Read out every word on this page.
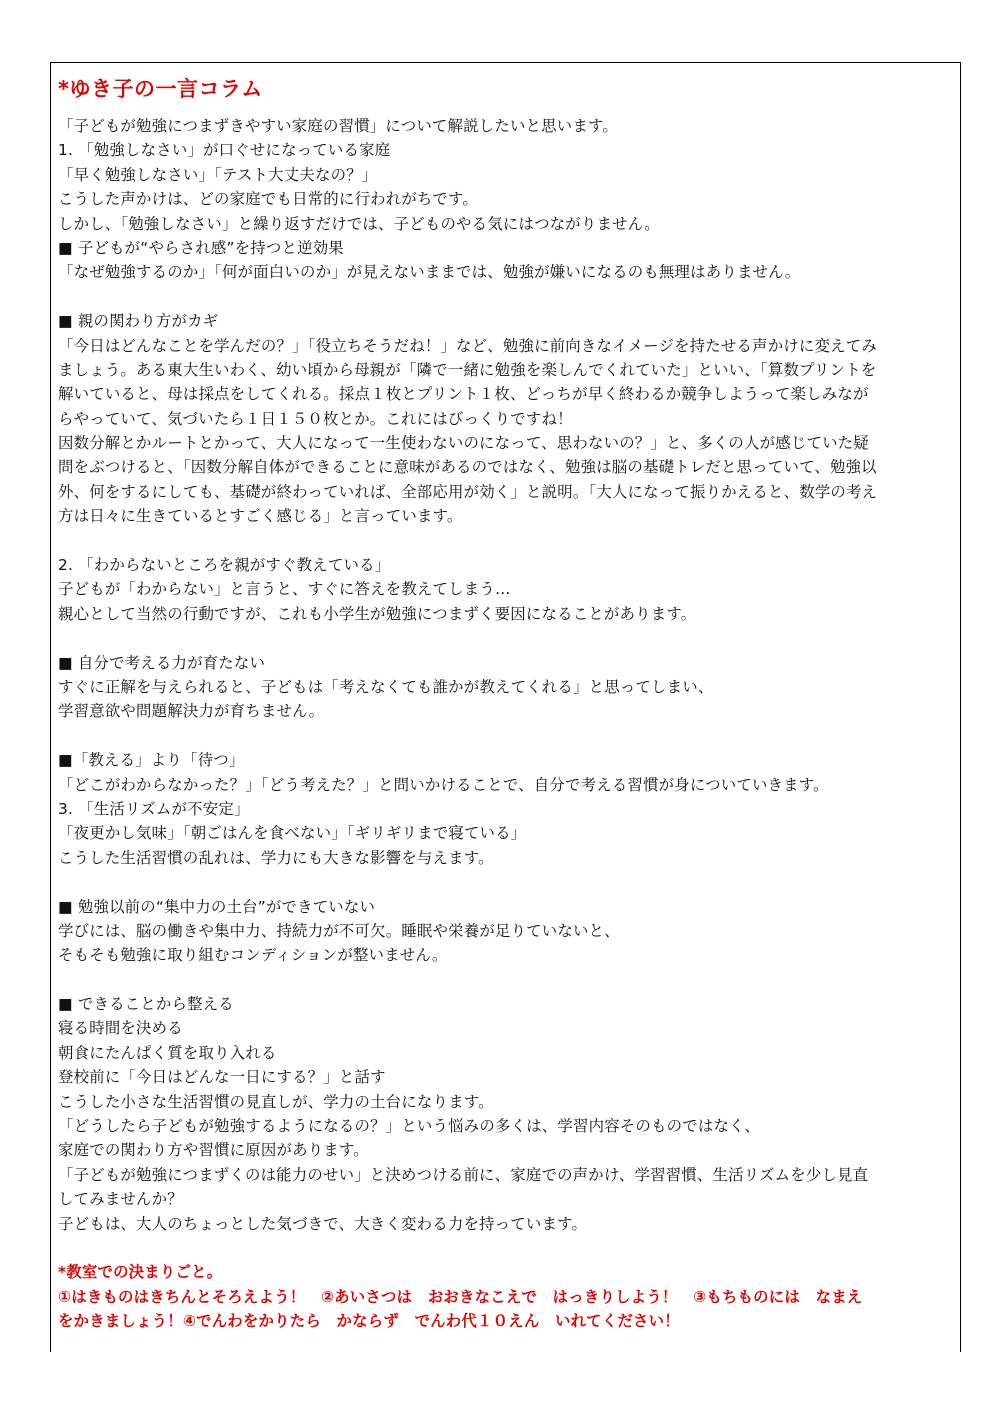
*ゆき子の一言コラム
「子どもが勉強につまずきやすい家庭の習慣」について解説したいと思います。
1. 「勉強しなさい」が口ぐせになっている家庭
「早く勉強しなさい」「テスト大丈夫なの？」
こうした声かけは、どの家庭でも日常的に行われがちです。
しかし、「勉強しなさい」と繰り返すだけでは、子どものやる気にはつながりません。
■ 子どもが“やらされ感”を持つと逆効果
「なぜ勉強するのか」「何が面白いのか」が見えないままでは、勉強が嫌いになるのも無理はありません。
■ 親の関わり方がカギ
「今日はどんなことを学んだの？」「役立ちそうだね！」など、勉強に前向きなイメージを持たせる声かけに変えてみ
ましょう。ある東大生いわく、幼い頃から母親が「隣で一緒に勉強を楽しんでくれていた」といい、「算数プリントを
解いていると、母は採点をしてくれる。採点１枚とプリント１枚、どっちが早く終わるか競争しようって楽しみなが
らやっていて、気づいたら１日１５０枚とか。これにはびっくりですね！
因数分解とかルートとかって、大人になって一生使わないのになって、思わないの？」と、多くの人が感じていた疑
問をぶつけると、「因数分解自体ができることに意味があるのではなく、勉強は脳の基礎トレだと思っていて、勉強以
外、何をするにしても、基礎が終わっていれば、全部応用が効く」と説明。「大人になって振りかえると、数学の考え
方は日々に生きているとすごく感じる」と言っています。
2. 「わからないところを親がすぐ教えている」
子どもが「わからない」と言うと、すぐに答えを教えてしまう…
親心として当然の行動ですが、これも小学生が勉強につまずく要因になることがあります。
■ 自分で考える力が育たない
すぐに正解を与えられると、子どもは「考えなくても誰かが教えてくれる」と思ってしまい、
学習意欲や問題解決力が育ちません。
■「教える」より「待つ」
「どこがわからなかった？」「どう考えた？」と問いかけることで、自分で考える習慣が身についていきます。
3. 「生活リズムが不安定」
「夜更かし気味」「朝ごはんを食べない」「ギリギリまで寝ている」
こうした生活習慣の乱れは、学力にも大きな影響を与えます。
■ 勉強以前の“集中力の土台”ができていない
学びには、脳の働きや集中力、持続力が不可欠。睡眠や栄養が足りていないと、
そもそも勉強に取り組むコンディションが整いません。
■ できることから整える
寝る時間を決める
朝食にたんぱく質を取り入れる
登校前に「今日はどんな一日にする？」と話す
こうした小さな生活習慣の見直しが、学力の土台になります。
「どうしたら子どもが勉強するようになるの？」という悩みの多くは、学習内容そのものではなく、
家庭での関わり方や習慣に原因があります。
「子どもが勉強につまずくのは能力のせい」と決めつける前に、家庭での声かけ、学習習慣、生活リズムを少し見直
してみませんか？
子どもは、大人のちょっとした気づきで、大きく変わる力を持っています。
*教室での決まりごと。
①はきものはきちんとそろえよう！　②あいさつは　おおきなこえで　はっきりしよう！　③もちものには　なまえ
をかきましょう！④でんわをかりたら　かならず　でんわ代１０えん　いれてください！
